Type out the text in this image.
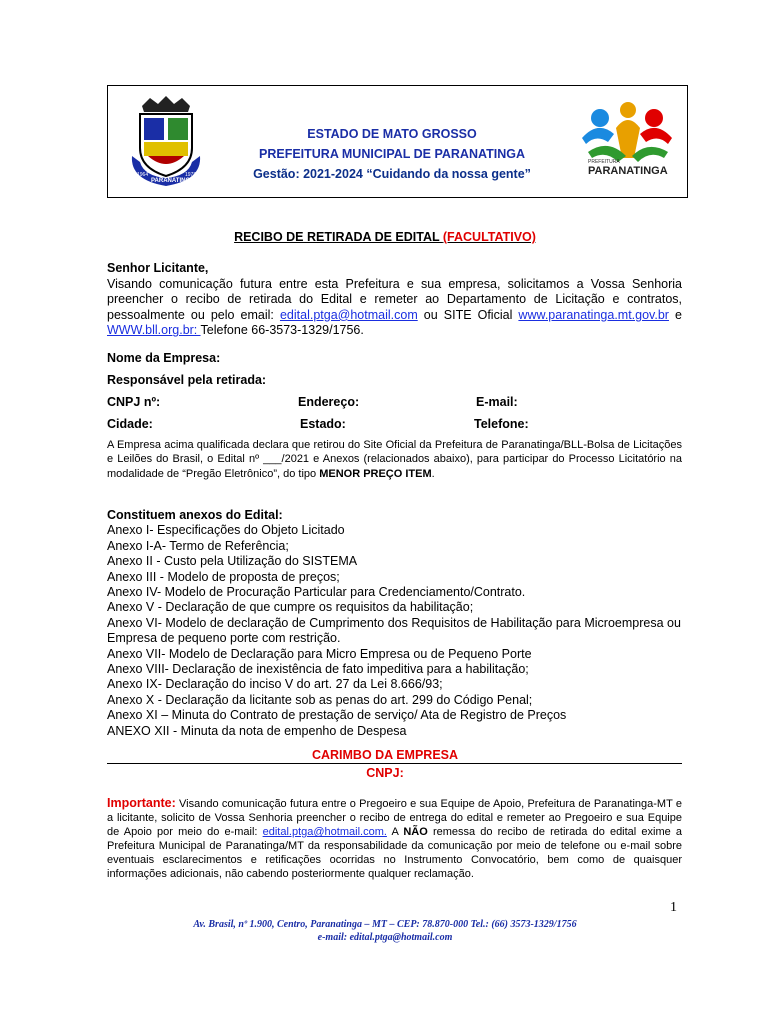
1964
PARANATINGA
1978
ESTADO DE MATO GROSSO
PREFEITURA MUNICIPAL DE PARANATINGA
Gestão: 2021-2024 “Cuidando da nossa gente”
PREFEITURA
PARANATINGA
RECIBO DE RETIRADA DE EDITAL (FACULTATIVO)
Senhor Licitante,
Visando comunicação futura entre esta Prefeitura e sua empresa, solicitamos a Vossa Senhoria preencher o recibo de retirada do Edital e remeter ao Departamento de Licitação e contratos, pessoalmente ou pelo email: edital.ptga@hotmail.com ou SITE Oficial www.paranatinga.mt.gov.br e WWW.bll.org.br: Telefone 66-3573-1329/1756.
Nome da Empresa:
Responsável pela retirada:
CNPJ nº:	Endereço:	E-mail:
Cidade:	Estado:	Telefone:
A Empresa acima qualificada declara que retirou do Site Oficial da Prefeitura de Paranatinga/BLL-Bolsa de Licitações e Leilões do Brasil, o Edital nº ___/2021 e Anexos (relacionados abaixo), para participar do Processo Licitatório na modalidade de “Pregão Eletrônico”, do tipo MENOR PREÇO ITEM.
Constituem anexos do Edital:
Anexo I- Especificações do Objeto Licitado
Anexo I-A- Termo de Referência;
Anexo II - Custo pela Utilização do SISTEMA
Anexo III - Modelo de proposta de preços;
Anexo IV- Modelo de Procuração Particular para Credenciamento/Contrato.
Anexo V - Declaração de que cumpre os requisitos da habilitação;
Anexo VI- Modelo de declaração de Cumprimento dos Requisitos de Habilitação para Microempresa ou Empresa de pequeno porte com restrição.
Anexo VII- Modelo de Declaração para Micro Empresa ou de Pequeno Porte
Anexo VIII- Declaração de inexistência de fato impeditiva para a habilitação;
Anexo IX- Declaração do inciso V do art. 27 da Lei 8.666/93;
Anexo X - Declaração da licitante sob as penas do art. 299 do Código Penal;
Anexo XI – Minuta do Contrato de prestação de serviço/ Ata de Registro de Preços
ANEXO XII - Minuta da nota de empenho de Despesa
CARIMBO DA EMPRESA
CNPJ:
Importante: Visando comunicação futura entre o Pregoeiro e sua Equipe de Apoio, Prefeitura de Paranatinga-MT e a licitante, solicito de Vossa Senhoria preencher o recibo de entrega do edital e remeter ao Pregoeiro e sua Equipe de Apoio por meio do e-mail: edital.ptga@hotmail.com. A NÃO remessa do recibo de retirada do edital exime a Prefeitura Municipal de Paranatinga/MT da responsabilidade da comunicação por meio de telefone ou e-mail sobre eventuais esclarecimentos e retificações ocorridas no Instrumento Convocatório, bem como de quaisquer informações adicionais, não cabendo posteriormente qualquer reclamação.
1
Av. Brasil, nº 1.900, Centro, Paranatinga – MT – CEP: 78.870-000 Tel.: (66) 3573-1329/1756
e-mail: edital.ptga@hotmail.com
